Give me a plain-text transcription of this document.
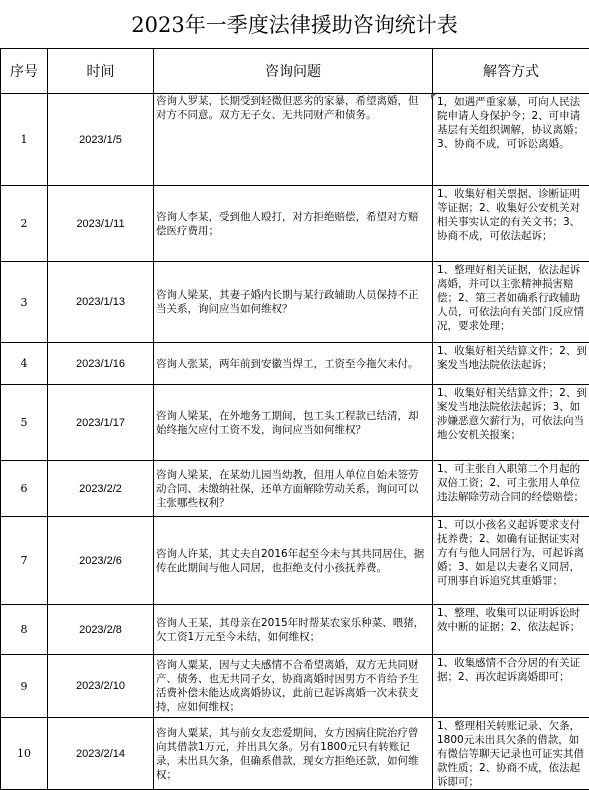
2023年一季度法律援助咨询统计表
序号	时间	咨询问题	解答方式
1	2023/1/5	咨询人罗某，长期受到轻微但恶劣的家暴，希望离婚，但对方不同意。双方无子女、无共同财产和债务。	1，如遇严重家暴，可向人民法院申请人身保护令；2、可申请基层有关组织调解，协议离婚；3、协商不成，可诉讼离婚。

2	2023/1/11	咨询人李某，受到他人殴打，对方拒绝赔偿，希望对方赔偿医疗费用；	1、收集好相关票据、诊断证明等证据；2、收集好公安机关对相关事实认定的有关文书；3、协商不成，可依法起诉；

3	2023/1/13	咨询人梁某，其妻子婚内长期与某行政辅助人员保持不正当关系，询问应当如何维权？	1、整理好相关证据，依法起诉离婚，并可以主张精神损害赔偿；2、第三者如确系行政辅助人员，可依法向有关部门反应情况，要求处理；

4	2023/1/16	咨询人张某，两年前到安徽当焊工，工资至今拖欠未付。	1、收集好相关结算文件；2、到案发当地法院依法起诉；

5	2023/1/17	咨询人梁某，在外地务工期间，包工头工程款已结清，却始终拖欠应付工资不发，询问应当如何维权？	1、收集好相关结算文件；2、到案发当地法院依法起诉；3、如涉嫌恶意欠薪行为，可依法向当地公安机关报案；

6	2023/2/2	咨询人梁某，在某幼儿园当幼教，但用人单位自始未签劳动合同、未缴纳社保，还单方面解除劳动关系，询问可以主张哪些权利？	1、可主张自入职第二个月起的双倍工资；2、可主张用人单位违法解除劳动合同的经偿赔偿；

7	2023/2/6	咨询人许某，其丈夫自2016年起至今未与其共同居住，据传在此期间与他人同居，也拒绝支付小孩抚养费。	1、可以小孩名义起诉要求支付抚养费；2、如确有证据证实对方有与他人同居行为，可起诉离婚；3、如是以夫妻名义同居，可刑事自诉追究其重婚罪；

8	2023/2/8	咨询人王某，其母亲在2015年时帮某农家乐种菜、喂猪，欠工资1万元至今未结，如何维权；	1、整理、收集可以证明诉讼时效中断的证据；2、依法起诉；

9	2023/2/10	咨询人粟某，因与丈夫感情不合希望离婚，双方无共同财产、债务、也无共同子女，协商离婚时因男方不肯给予生活费补偿未能达成离婚协议，此前已起诉离婚一次未获支持，应如何维权；	1、收集感情不合分居的有关证据；2、再次起诉离婚即可；

10	2023/2/14	咨询人粟某，其与前女友恋爱期间，女方因病住院治疗曾向其借款1万元，并出具欠条。另有1800元只有转账记录，未出具欠条，但确系借款，现女方拒绝还款，如何维权；	1、整理相关转账记录、欠条，1800元未出具欠条的借款，如有微信等聊天记录也可证实其借款性质；2、协商不成，依法起诉即可；
